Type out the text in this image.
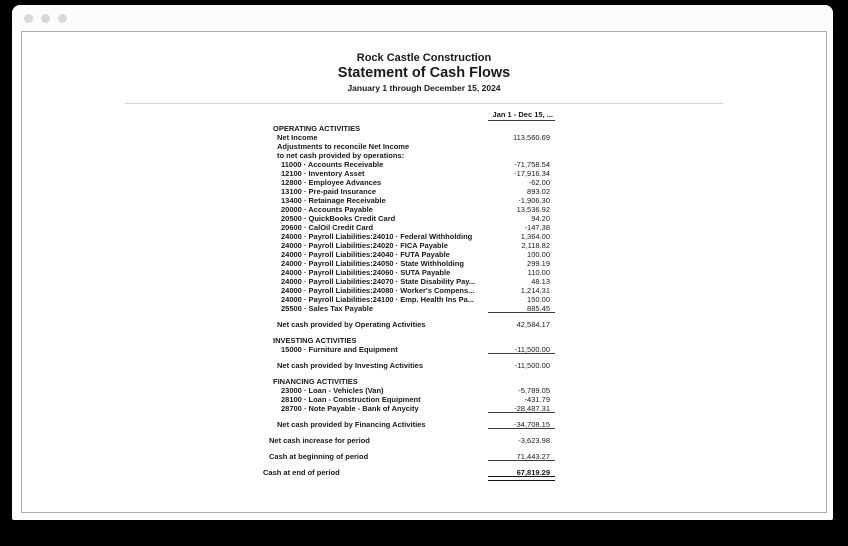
Rock Castle Construction
Statement of Cash Flows
January 1 through December 15, 2024
Jan 1 - Dec 15, ...
OPERATING ACTIVITIES
Net Income	113,560.69
Adjustments to reconcile Net Income
to net cash provided by operations:
11000 · Accounts Receivable	-71,758.54
12100 · Inventory Asset	-17,916.34
12800 · Employee Advances	-62.00
13100 · Pre-paid Insurance	893.02
13400 · Retainage Receivable	-1,906.30
20000 · Accounts Payable	13,536.92
20500 · QuickBooks Credit Card	94.20
20600 · CalOil Credit Card	-147.38
24000 · Payroll Liabilities:24010 · Federal Withholding	1,364.00
24000 · Payroll Liabilities:24020 · FICA Payable	2,118.82
24000 · Payroll Liabilities:24040 · FUTA Payable	100.00
24000 · Payroll Liabilities:24050 · State Withholding	299.19
24000 · Payroll Liabilities:24060 · SUTA Payable	110.00
24000 · Payroll Liabilities:24070 · State Disability Pay...	48.13
24000 · Payroll Liabilities:24080 · Worker's Compens...	1,214.31
24000 · Payroll Liabilities:24100 · Emp. Health Ins Pa...	150.00
25500 · Sales Tax Payable	885.45
Net cash provided by Operating Activities	42,584.17
INVESTING ACTIVITIES
15000 · Furniture and Equipment	-11,500.00
Net cash provided by Investing Activities	-11,500.00
FINANCING ACTIVITIES
23000 · Loan - Vehicles (Van)	-5,789.05
28100 · Loan - Construction Equipment	-431.79
28700 · Note Payable - Bank of Anycity	-28,487.31
Net cash provided by Financing Activities	-34,708.15
Net cash increase for period	-3,623.98
Cash at beginning of period	71,443.27
Cash at end of period	67,819.29
